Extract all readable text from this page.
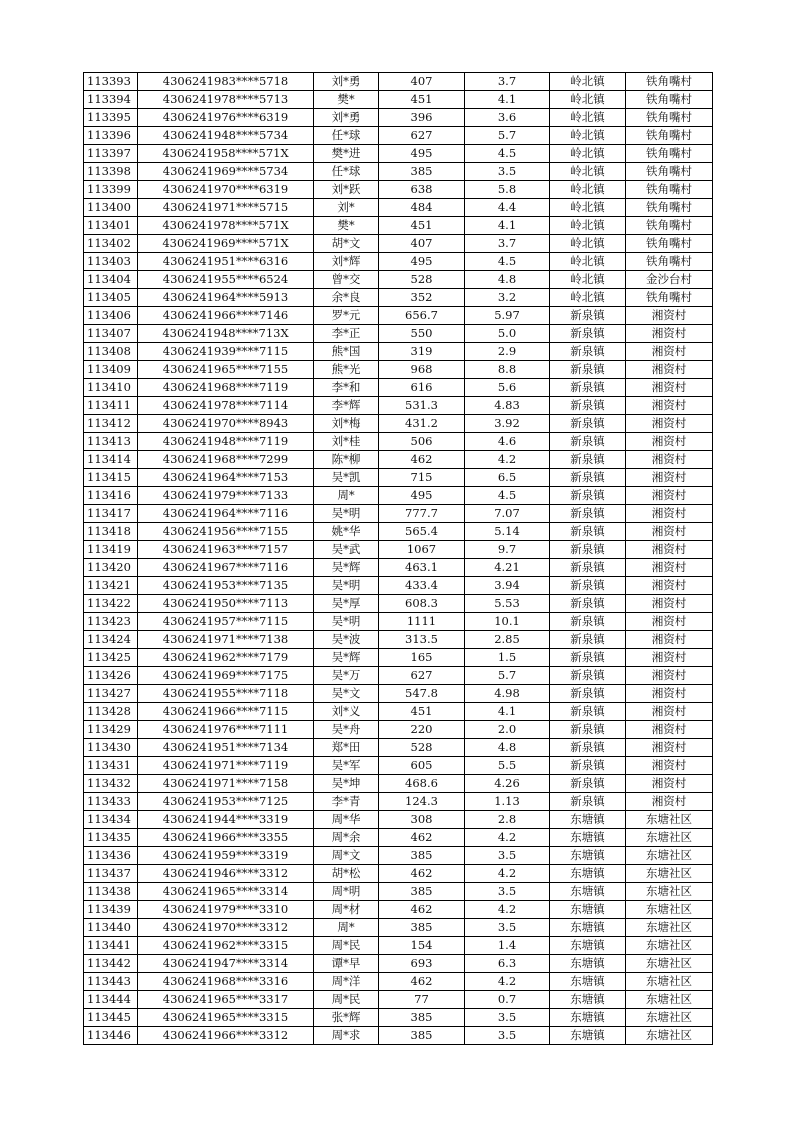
113393	4306241983****5718	刘*勇	407	3.7	岭北镇	铁角嘴村
113394	4306241978****5713	樊*	451	4.1	岭北镇	铁角嘴村
113395	4306241976****6319	刘*勇	396	3.6	岭北镇	铁角嘴村
113396	4306241948****5734	任*球	627	5.7	岭北镇	铁角嘴村
113397	4306241958****571X	樊*进	495	4.5	岭北镇	铁角嘴村
113398	4306241969****5734	任*球	385	3.5	岭北镇	铁角嘴村
113399	4306241970****6319	刘*跃	638	5.8	岭北镇	铁角嘴村
113400	4306241971****5715	刘*	484	4.4	岭北镇	铁角嘴村
113401	4306241978****571X	樊*	451	4.1	岭北镇	铁角嘴村
113402	4306241969****571X	胡*文	407	3.7	岭北镇	铁角嘴村
113403	4306241951****6316	刘*辉	495	4.5	岭北镇	铁角嘴村
113404	4306241955****6524	曾*交	528	4.8	岭北镇	金沙台村
113405	4306241964****5913	余*良	352	3.2	岭北镇	铁角嘴村
113406	4306241966****7146	罗*元	656.7	5.97	新泉镇	湘资村
113407	4306241948****713X	李*正	550	5.0	新泉镇	湘资村
113408	4306241939****7115	熊*国	319	2.9	新泉镇	湘资村
113409	4306241965****7155	熊*光	968	8.8	新泉镇	湘资村
113410	4306241968****7119	李*和	616	5.6	新泉镇	湘资村
113411	4306241978****7114	李*辉	531.3	4.83	新泉镇	湘资村
113412	4306241970****8943	刘*梅	431.2	3.92	新泉镇	湘资村
113413	4306241948****7119	刘*桂	506	4.6	新泉镇	湘资村
113414	4306241968****7299	陈*柳	462	4.2	新泉镇	湘资村
113415	4306241964****7153	吴*凯	715	6.5	新泉镇	湘资村
113416	4306241979****7133	周*	495	4.5	新泉镇	湘资村
113417	4306241964****7116	吴*明	777.7	7.07	新泉镇	湘资村
113418	4306241956****7155	姚*华	565.4	5.14	新泉镇	湘资村
113419	4306241963****7157	吴*武	1067	9.7	新泉镇	湘资村
113420	4306241967****7116	吴*辉	463.1	4.21	新泉镇	湘资村
113421	4306241953****7135	吴*明	433.4	3.94	新泉镇	湘资村
113422	4306241950****7113	吴*厚	608.3	5.53	新泉镇	湘资村
113423	4306241957****7115	吴*明	1111	10.1	新泉镇	湘资村
113424	4306241971****7138	吴*波	313.5	2.85	新泉镇	湘资村
113425	4306241962****7179	吴*辉	165	1.5	新泉镇	湘资村
113426	4306241969****7175	吴*万	627	5.7	新泉镇	湘资村
113427	4306241955****7118	吴*文	547.8	4.98	新泉镇	湘资村
113428	4306241966****7115	刘*义	451	4.1	新泉镇	湘资村
113429	4306241976****7111	吴*舟	220	2.0	新泉镇	湘资村
113430	4306241951****7134	郑*田	528	4.8	新泉镇	湘资村
113431	4306241971****7119	吴*军	605	5.5	新泉镇	湘资村
113432	4306241971****7158	吴*坤	468.6	4.26	新泉镇	湘资村
113433	4306241953****7125	李*青	124.3	1.13	新泉镇	湘资村
113434	4306241944****3319	周*华	308	2.8	东塘镇	东塘社区
113435	4306241966****3355	周*余	462	4.2	东塘镇	东塘社区
113436	4306241959****3319	周*文	385	3.5	东塘镇	东塘社区
113437	4306241946****3312	胡*松	462	4.2	东塘镇	东塘社区
113438	4306241965****3314	周*明	385	3.5	东塘镇	东塘社区
113439	4306241979****3310	周*材	462	4.2	东塘镇	东塘社区
113440	4306241970****3312	周*	385	3.5	东塘镇	东塘社区
113441	4306241962****3315	周*民	154	1.4	东塘镇	东塘社区
113442	4306241947****3314	谭*早	693	6.3	东塘镇	东塘社区
113443	4306241968****3316	周*洋	462	4.2	东塘镇	东塘社区
113444	4306241965****3317	周*民	77	0.7	东塘镇	东塘社区
113445	4306241965****3315	张*辉	385	3.5	东塘镇	东塘社区
113446	4306241966****3312	周*求	385	3.5	东塘镇	东塘社区
